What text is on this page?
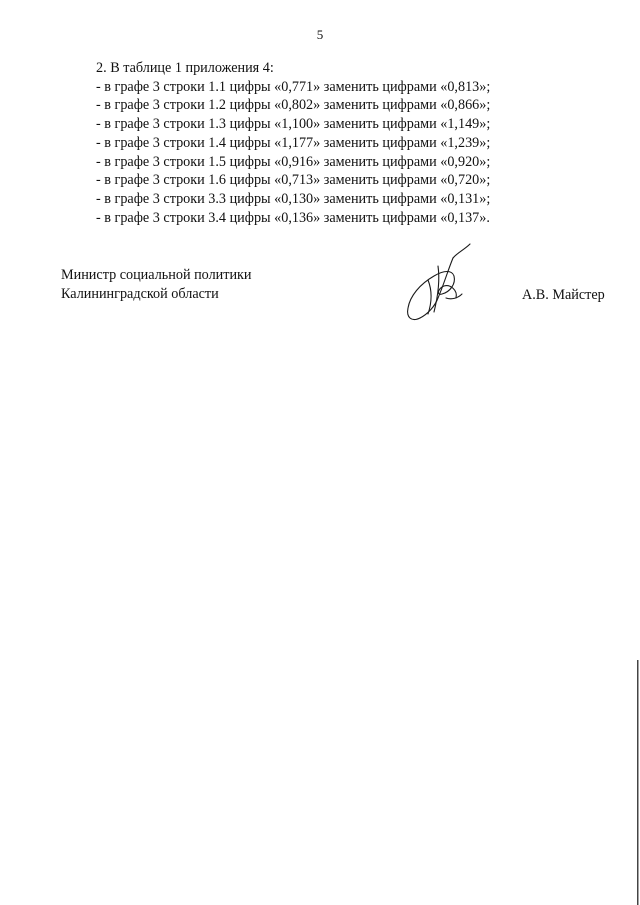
5
2. В таблице 1 приложения 4:
- в графе 3 строки 1.1 цифры «0,771» заменить цифрами «0,813»;
- в графе 3 строки 1.2 цифры «0,802» заменить цифрами «0,866»;
- в графе 3 строки 1.3 цифры «1,100» заменить цифрами «1,149»;
- в графе 3 строки 1.4 цифры «1,177» заменить цифрами «1,239»;
- в графе 3 строки 1.5 цифры «0,916» заменить цифрами «0,920»;
- в графе 3 строки 1.6 цифры «0,713» заменить цифрами «0,720»;
- в графе 3 строки 3.3 цифры «0,130» заменить цифрами «0,131»;
- в графе 3 строки 3.4 цифры «0,136» заменить цифрами «0,137».
Министр социальной политики
Калининградской области	А.В. Майстер
